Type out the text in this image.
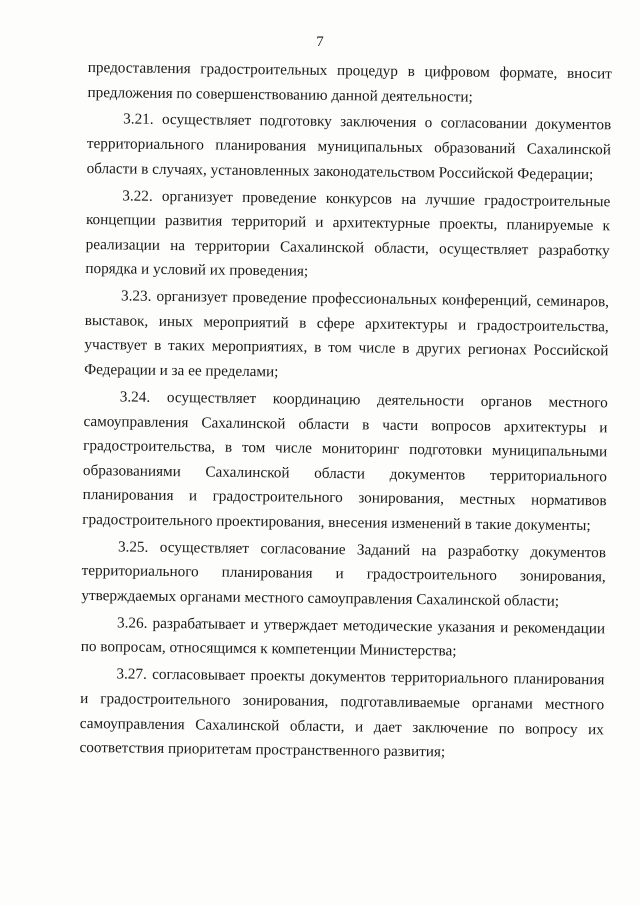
7

предоставления градостроительных процедур в цифровом формате, вносит предложения по совершенствованию данной деятельности;

3.21. осуществляет подготовку заключения о согласовании документов территориального планирования муниципальных образований Сахалинской области в случаях, установленных законодательством Российской Федерации;

3.22. организует проведение конкурсов на лучшие градостроительные концепции развития территорий и архитектурные проекты, планируемые к реализации на территории Сахалинской области, осуществляет разработку порядка и условий их проведения;

3.23. организует проведение профессиональных конференций, семинаров, выставок, иных мероприятий в сфере архитектуры и градостроительства, участвует в таких мероприятиях, в том числе в других регионах Российской Федерации и за ее пределами;

3.24. осуществляет координацию деятельности органов местного самоуправления Сахалинской области в части вопросов архитектуры и градостроительства, в том числе мониторинг подготовки муниципальными образованиями Сахалинской области документов территориального планирования и градостроительного зонирования, местных нормативов градостроительного проектирования, внесения изменений в такие документы;

3.25. осуществляет согласование Заданий на разработку документов территориального планирования и градостроительного зонирования, утверждаемых органами местного самоуправления Сахалинской области;

3.26. разрабатывает и утверждает методические указания и рекомендации по вопросам, относящимся к компетенции Министерства;

3.27. согласовывает проекты документов территориального планирования и градостроительного зонирования, подготавливаемые органами местного самоуправления Сахалинской области, и дает заключение по вопросу их соответствия приоритетам пространственного развития;
